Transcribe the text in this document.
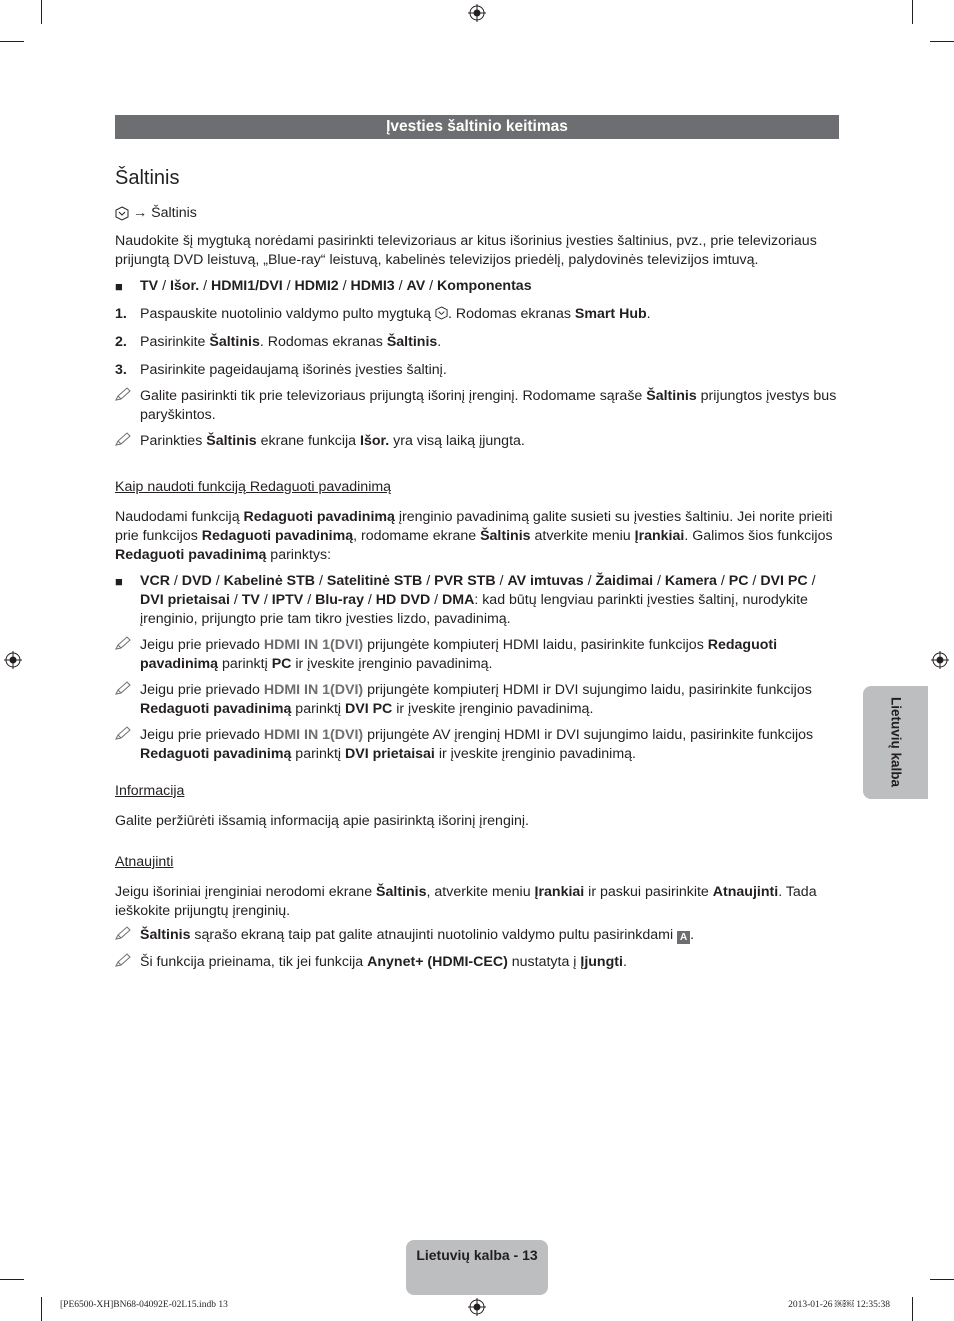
Įvesties šaltinio keitimas
Šaltinis
→ Šaltinis

Naudokite šį mygtuką norėdami pasirinkti televizoriaus ar kitus išorinius įvesties šaltinius, pvz., prie televizoriaus prijungtą DVD leistuvą, „Blue-ray“ leistuvą, kabelinės televizijos priedėlį, palydovinės televizijos imtuvą.

■	TV / Išor. / HDMI1/DVI / HDMI2 / HDMI3 / AV / Komponentas
1. Paspauskite nuotolinio valdymo pulto mygtuką . Rodomas ekranas Smart Hub.
2. Pasirinkite Šaltinis. Rodomas ekranas Šaltinis.
3. Pasirinkite pageidaujamą išorinės įvesties šaltinį.
Galite pasirinkti tik prie televizoriaus prijungtą išorinį įrenginį. Rodomame sąraše Šaltinis prijungtos įvestys bus paryškintos.
Parinkties Šaltinis ekrane funkcija Išor. yra visą laiką įjungta.

Kaip naudoti funkciją Redaguoti pavadinimą

Naudodami funkciją Redaguoti pavadinimą įrenginio pavadinimą galite susieti su įvesties šaltiniu. Jei norite prieiti prie funkcijos Redaguoti pavadinimą, rodomame ekrane Šaltinis atverkite meniu Įrankiai. Galimos šios funkcijos Redaguoti pavadinimą parinktys:

■	VCR / DVD / Kabelinė STB / Satelitinė STB / PVR STB / AV imtuvas / Žaidimai / Kamera / PC / DVI PC / DVI prietaisai / TV / IPTV / Blu-ray / HD DVD / DMA: kad būtų lengviau parinkti įvesties šaltinį, nurodykite įrenginio, prijungto prie tam tikro įvesties lizdo, pavadinimą.
Jeigu prie prievado HDMI IN 1(DVI) prijungėte kompiuterį HDMI laidu, pasirinkite funkcijos Redaguoti pavadinimą parinktį PC ir įveskite įrenginio pavadinimą.
Jeigu prie prievado HDMI IN 1(DVI) prijungėte kompiuterį HDMI ir DVI sujungimo laidu, pasirinkite funkcijos Redaguoti pavadinimą parinktį DVI PC ir įveskite įrenginio pavadinimą.
Jeigu prie prievado HDMI IN 1(DVI) prijungėte AV įrenginį HDMI ir DVI sujungimo laidu, pasirinkite funkcijos Redaguoti pavadinimą parinktį DVI prietaisai ir įveskite įrenginio pavadinimą.

Informacija

Galite peržiūrėti išsamią informaciją apie pasirinktą išorinį įrenginį.

Atnaujinti

Jeigu išoriniai įrenginiai nerodomi ekrane Šaltinis, atverkite meniu Įrankiai ir paskui pasirinkite Atnaujinti. Tada ieškokite prijungtų įrenginių.

Šaltinis sąrašo ekraną taip pat galite atnaujinti nuotolinio valdymo pultu pasirinkdami A .
Ši funkcija prieinama, tik jei funkcija Anynet+ (HDMI-CEC) nustatyta į Įjungti.
Lietuvių kalba
Lietuvių kalba - 13
[PE6500-XH]BN68-04092E-02L15.indb 13	2013-01-26 ￼￼ 12:35:38
